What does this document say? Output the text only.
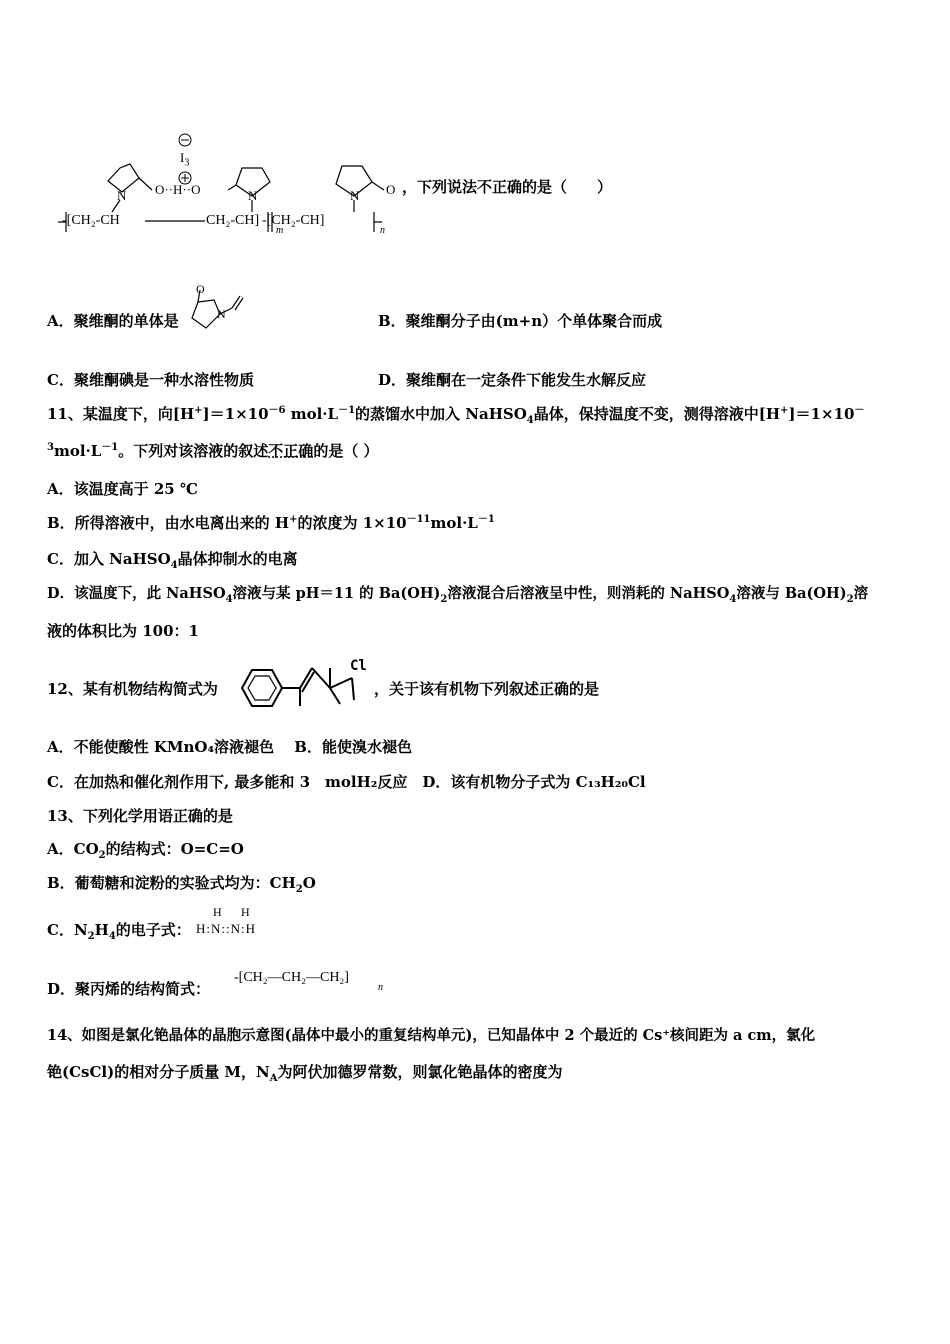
$I_3$
N O··H··O	N	N O
-[CH₂-CH	CH₂-CH]
m
-[CH₂-CH]
n
，下列说法不正确的是（　　）
A．聚维酮的单体是
O
N	B．聚维酮分子由(m+n）个单体聚合而成
C．聚维酮碘是一种水溶性物质	D．聚维酮在一定条件下能发生水解反应
11、某温度下，向$[H^+]=1\times 10^{-6}$ $mol\cdot L^{-1}$的蒸馏水中加入 NaHSO$_4$晶体，保持温度不变，测得溶液中[H+]＝1×10－
$^3mol\cdot L^{-1}$。下列对该溶液的叙述不正确的是（ ）
A．该温度高于 25 ℃
B．所得溶液中，由水电离出来的 H+的浓度为 $1\times 10^{-11}mol\cdot L^{-1}$
C．加入 NaHSO$_4$晶体抑制水的电离
D．该温度下，此 NaHSO$_4$溶液与某 pH＝11 的 $Ba(OH)_2$溶液混合后溶液呈中性，则消耗的 NaHSO$_4$溶液与 $Ba(OH)_2$溶
液的体积比为 100：1
12、某有机物结构简式为
Cl
，关于该有机物下列叙述正确的是
A．不能使酸性 KMnO₄溶液褪色　 B．能使溴水褪色
C．在加热和催化剂作用下, 最多能和 3　molH₂反应　D．该有机物分子式为 C₁₃H₂₀Cl
13、下列化学用语正确的是
A．$CO_2$的结构式：O=C=O
B．葡萄糖和淀粉的实验式均为：$CH_2O$
C．$N_2H_4$的电子式：
H H
H:N::N:H
D．聚丙烯的结构简式：
-[CH₂—CH₂—CH₂]
n
14、如图是氯化铯晶体的晶胞示意图(晶体中最小的重复结构单元)，已知晶体中 2 个最近的 Cs⁺核间距为 a cm，氯化
铯(CsCl)的相对分子质量 M，$N_A$为阿伏加德罗常数，则氯化铯晶体的密度为
